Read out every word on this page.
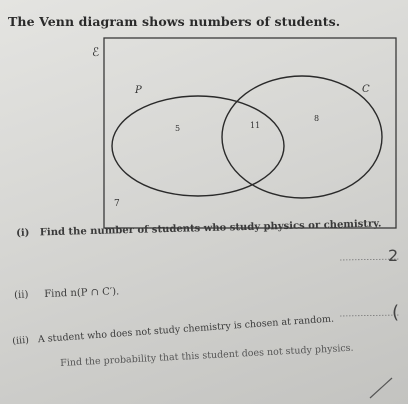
The Venn diagram shows numbers of students.
ℰ
P	C
5	11
8
7
(i) Find the number of students who study physics or chemistry.
(ii) Find n(P ∩ C′).
(iii) A student who does not study chemistry is chosen at random.
Find the probability that this student does not study physics.
2
(
